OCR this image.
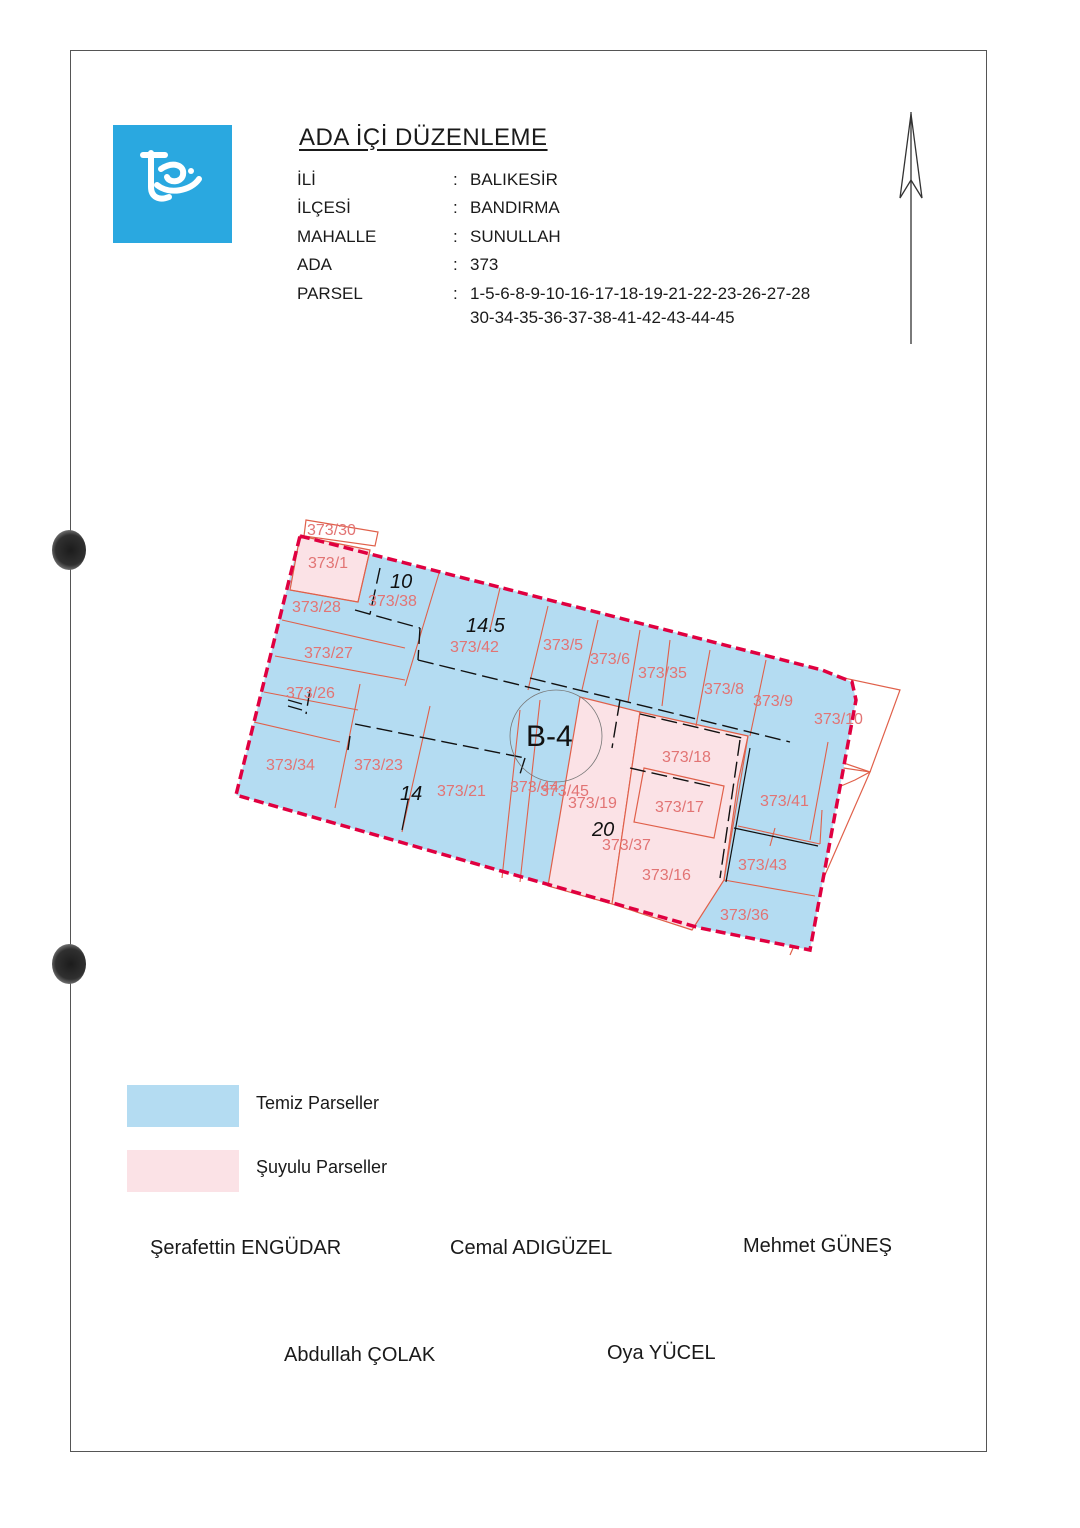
ADA İÇİ DÜZENLEME
İLİ	: BALIKESİR
İLÇESİ	: BANDIRMA
MAHALLE	: SUNULLAH
ADA	: 373
PARSEL	: 1-5-6-8-9-10-16-17-18-19-21-22-23-26-27-28
30-34-35-36-37-38-41-42-43-44-45
373/30
373/1
373/28 373/38
373/42
373/27
373/26
373/5
373/6
373/35
373/8
373/9
373/10
373/34 373/23
373/21 373/44
373/45
373/19
373/18
373/17	373/41
373/37
373/16
373/43
373/36
10
14.5
14
20
B-4
Temiz Parseller
Şuyulu Parseller
Şerafettin ENGÜDAR	Cemal ADIGÜZEL	Mehmet GÜNEŞ
Abdullah ÇOLAK	Oya YÜCEL
